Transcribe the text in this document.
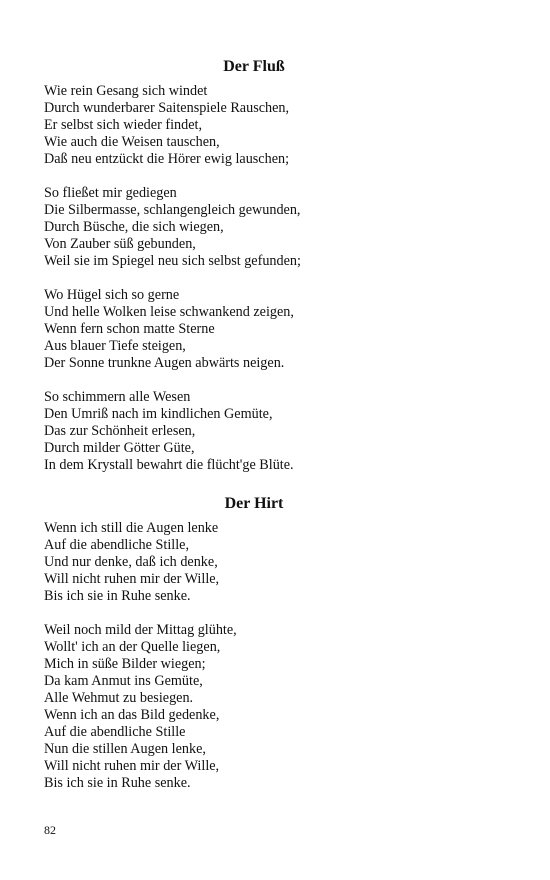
Der Fluß
Wie rein Gesang sich windet
Durch wunderbarer Saitenspiele Rauschen,
Er selbst sich wieder findet,
Wie auch die Weisen tauschen,
Daß neu entzückt die Hörer ewig lauschen;
So fließet mir gediegen
Die Silbermasse, schlangengleich gewunden,
Durch Büsche, die sich wiegen,
Von Zauber süß gebunden,
Weil sie im Spiegel neu sich selbst gefunden;
Wo Hügel sich so gerne
Und helle Wolken leise schwankend zeigen,
Wenn fern schon matte Sterne
Aus blauer Tiefe steigen,
Der Sonne trunkne Augen abwärts neigen.
So schimmern alle Wesen
Den Umriß nach im kindlichen Gemüte,
Das zur Schönheit erlesen,
Durch milder Götter Güte,
In dem Krystall bewahrt die flücht'ge Blüte.
Der Hirt
Wenn ich still die Augen lenke
Auf die abendliche Stille,
Und nur denke, daß ich denke,
Will nicht ruhen mir der Wille,
Bis ich sie in Ruhe senke.
Weil noch mild der Mittag glühte,
Wollt' ich an der Quelle liegen,
Mich in süße Bilder wiegen;
Da kam Anmut ins Gemüte,
Alle Wehmut zu besiegen.
Wenn ich an das Bild gedenke,
Auf die abendliche Stille
Nun die stillen Augen lenke,
Will nicht ruhen mir der Wille,
Bis ich sie in Ruhe senke.
82
